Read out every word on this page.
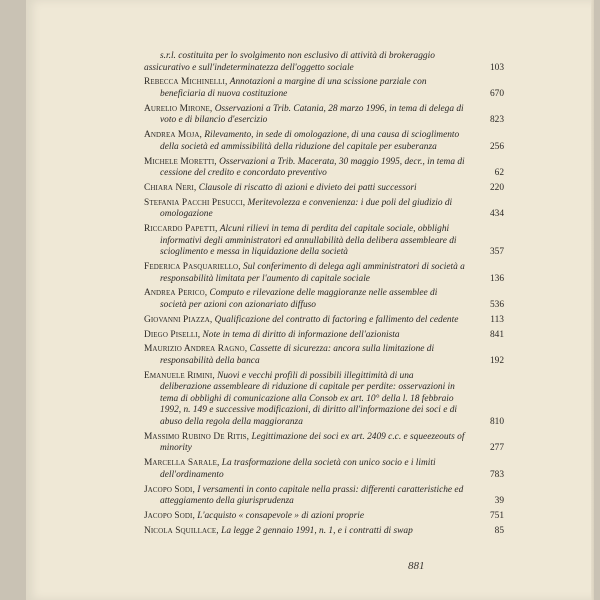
s.r.l. costituita per lo svolgimento non esclusivo di attività di brokeraggio assicurativo e sull'indeterminatezza dell'oggetto sociale	103
Rebecca Michinelli, Annotazioni a margine di una scissione parziale con beneficiaria di nuova costituzione	670
Aurelio Mirone, Osservazioni a Trib. Catania, 28 marzo 1996, in tema di delega di voto e di bilancio d'esercizio	823
Andrea Moja, Rilevamento, in sede di omologazione, di una causa di scioglimento della società ed ammissibilità della riduzione del capitale per esuberanza	256
Michele Moretti, Osservazioni a Trib. Macerata, 30 maggio 1995, decr., in tema di cessione del credito e concordato preventivo	62
Chiara Neri, Clausole di riscatto di azioni e divieto dei patti successori	220
Stefania Pacchi Pesucci, Meritevolezza e convenienza: i due poli del giudizio di omologazione	434
Riccardo Papetti, Alcuni rilievi in tema di perdita del capitale sociale, obblighi informativi degli amministratori ed annullabilità della delibera assembleare di scioglimento e messa in liquidazione della società	357
Federica Pasquariello, Sul conferimento di delega agli amministratori di società a responsabilità limitata per l'aumento di capitale sociale	136
Andrea Perico, Computo e rilevazione delle maggioranze nelle assemblee di società per azioni con azionariato diffuso	536
Giovanni Piazza, Qualificazione del contratto di factoring e fallimento del cedente	113
Diego Piselli, Note in tema di diritto di informazione dell'azionista	841
Maurizio Andrea Ragno, Cassette di sicurezza: ancora sulla limitazione di responsabilità della banca	192
Emanuele Rimini, Nuovi e vecchi profili di possibili illegittimità di una deliberazione assembleare di riduzione di capitale per perdite: osservazioni in tema di obblighi di comunicazione alla Consob ex art. 10° della l. 18 febbraio 1992, n. 149 e successive modificazioni, di diritto all'informazione dei soci e di abuso della regola della maggioranza	810
Massimo Rubino De Ritis, Legittimazione dei soci ex art. 2409 c.c. e squeezeouts of minority	277
Marcella Sarale, La trasformazione della società con unico socio e i limiti dell'ordinamento	783
Jacopo Sodi, I versamenti in conto capitale nella prassi: differenti caratteristiche ed atteggiamento della giurisprudenza	39
Jacopo Sodi, L'acquisto « consapevole » di azioni proprie	751
Nicola Squillace, La legge 2 gennaio 1991, n. 1, e i contratti di swap	85
881
